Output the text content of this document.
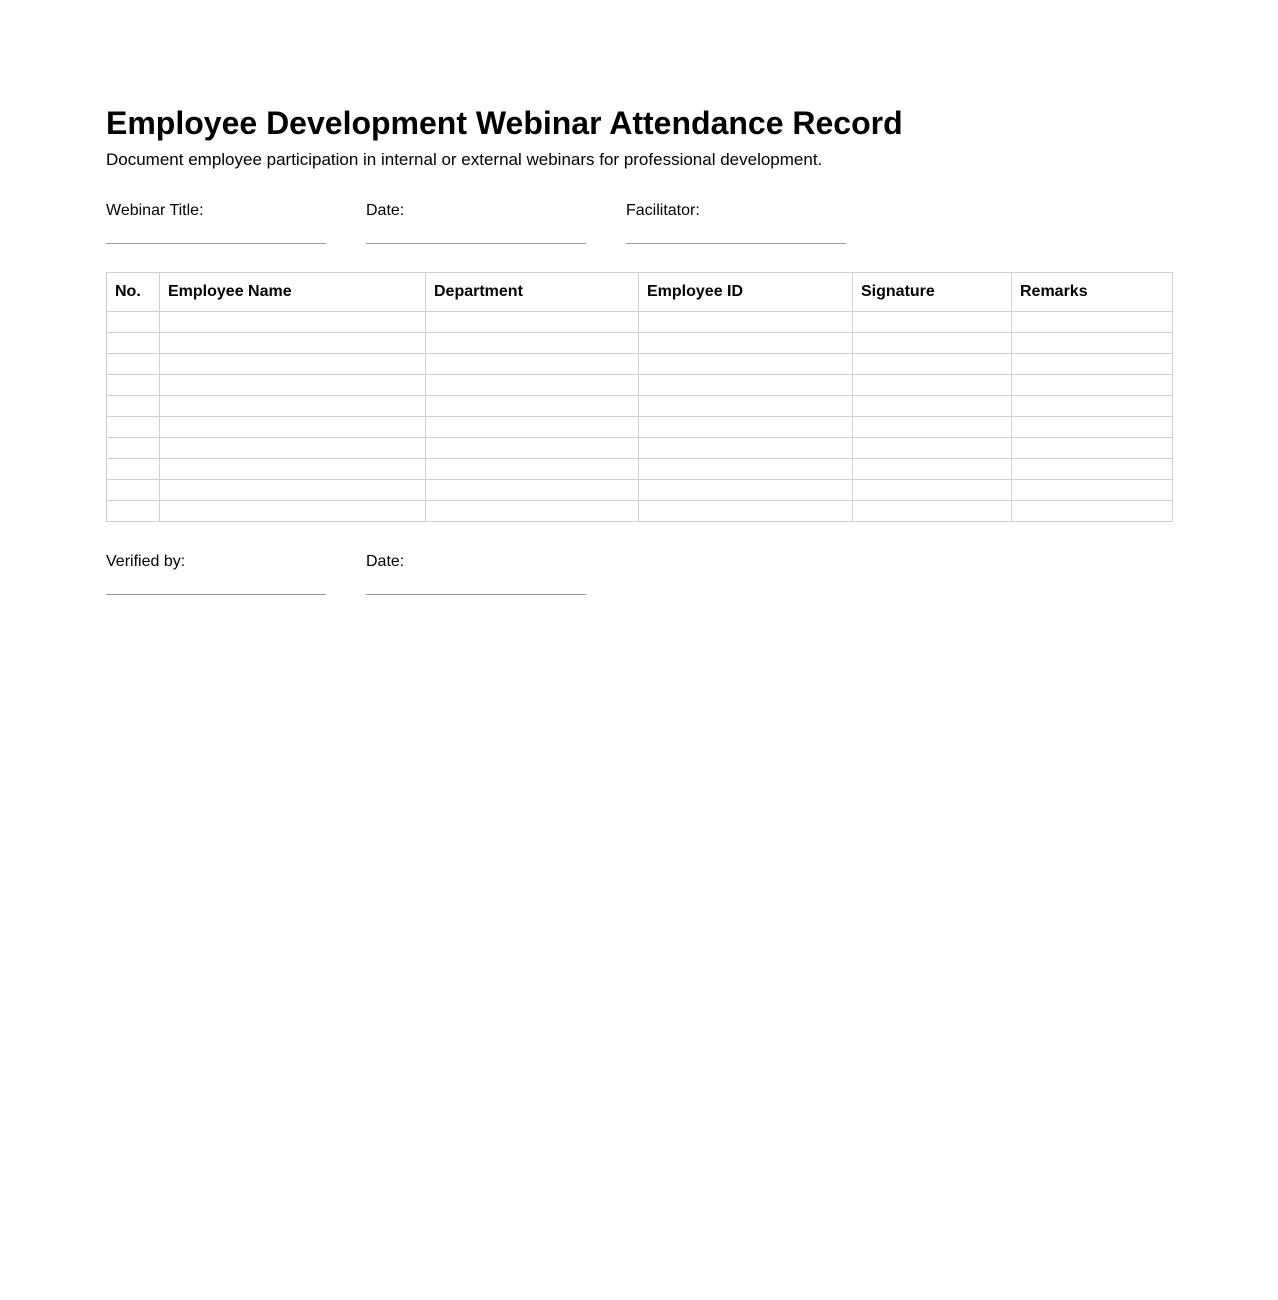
Employee Development Webinar Attendance Record

Document employee participation in internal or external webinars for professional development.

Webinar Title:	Date:	Facilitator:
No.	Employee Name	Department	Employee ID	Signature	Remarks

Verified by:	Date:
